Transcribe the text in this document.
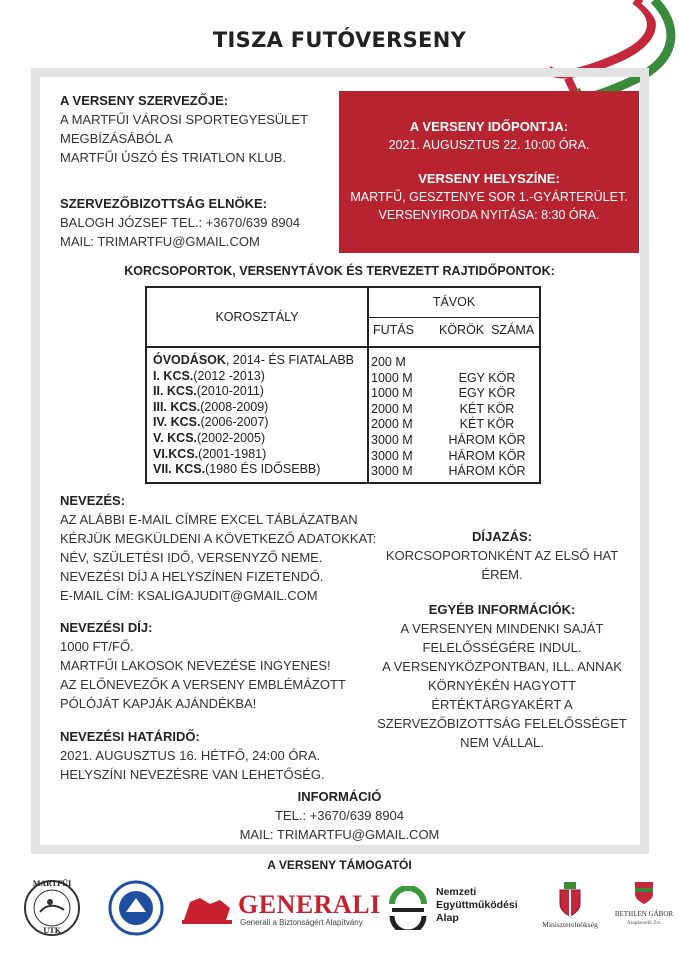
TISZA FUTÓVERSENY
A VERSENY SZERVEZŐJE:
A MARTFŰI VÁROSI SPORTEGYESÜLET
MEGBÍZÁSÁBÓL A
MARTFŰI ÚSZÓ ÉS TRIATLON KLUB.
SZERVEZŐBIZOTTSÁG ELNÖKE:
BALOGH JÓZSEF TEL.: +3670/639 8904
MAIL: TRIMARTFU@GMAIL.COM
A VERSENY IDŐPONTJA:
2021. AUGUSZTUS 22. 10:00 ÓRA.
VERSENY HELYSZÍNE:
MARTFŰ, GESZTENYE SOR 1.-GYÁRTERÜLET.
VERSENYIRODA NYITÁSA: 8:30 ÓRA.
KORCSOPORTOK, VERSENYTÁVOK ÉS TERVEZETT RAJTIDŐPONTOK:
KOROSZTÁLY
TÁVOK
FUTÁS KÖRÖK  SZÁMA
ÓVODÁSOK, 2014- ÉS FIATALABB
I. KCS.(2012 -2013)
II. KCS.(2010-2011)
III. KCS.(2008-2009)
IV. KCS.(2006-2007)
V. KCS.(2002-2005)
VI.KCS.(2001-1981)
VII. KCS.(1980 ÉS IDŐSEBB)
200 M
1000 M
1000 M
2000 M
2000 M
3000 M
3000 M
3000 M
EGY KÖR
EGY KÖR
KÉT KÖR
KÉT KÖR
HÁROM KÖR
HÁROM KÖR
HÁROM KÖR
NEVEZÉS:
AZ ALÁBBI E-MAIL CÍMRE EXCEL TÁBLÁZATBAN
KÉRJÜK MEGKÜLDENI A KÖVETKEZŐ ADATOKKAT:
NÉV, SZÜLETÉSI IDŐ, VERSENYZŐ NEME.
NEVEZÉSI DÍJ A HELYSZÍNEN FIZETENDŐ.
E-MAIL CÍM: KSALIGAJUDIT@GMAIL.COM
NEVEZÉSI DÍJ:
1000 FT/FŐ.
MARTFŰI LAKOSOK NEVEZÉSE INGYENES!
AZ ELŐNEVEZŐK A VERSENY EMBLÉMÁZOTT
PÓLÓJÁT KAPJÁK AJÁNDÉKBA!
NEVEZÉSI HATÁRIDŐ:
2021. AUGUSZTUS 16. HÉTFŐ, 24:00 ÓRA.
HELYSZÍNI NEVEZÉSRE VAN LEHETŐSÉG.
DÍJAZÁS:
KORCSOPORTONKÉNT AZ ELSŐ HAT
ÉREM.
EGYÉB INFORMÁCIÓK:
A VERSENYEN MINDENKI SAJÁT
FELELŐSSÉGÉRE INDUL.
A VERSENYKÖZPONTBAN, ILL. ANNAK
KÖRNYÉKÉN HAGYOTT
ÉRTÉKTÁRGYAKÉRT A
SZERVEZŐBIZOTTSÁG FELELŐSSÉGET
NEM VÁLLAL.
INFORMÁCIÓ
TEL.: +3670/639 8904
MAIL: TRIMARTFU@GMAIL.COM
A VERSENY TÁMOGATÓI
MARTFŰI
UTK
GENERALI
Generali a Biztonságért Alapítvány
Nemzeti
Együttműködési
Alap
Miniszterelnökség
BETHLEN GÁBOR
Alapkezelő Zrt.
